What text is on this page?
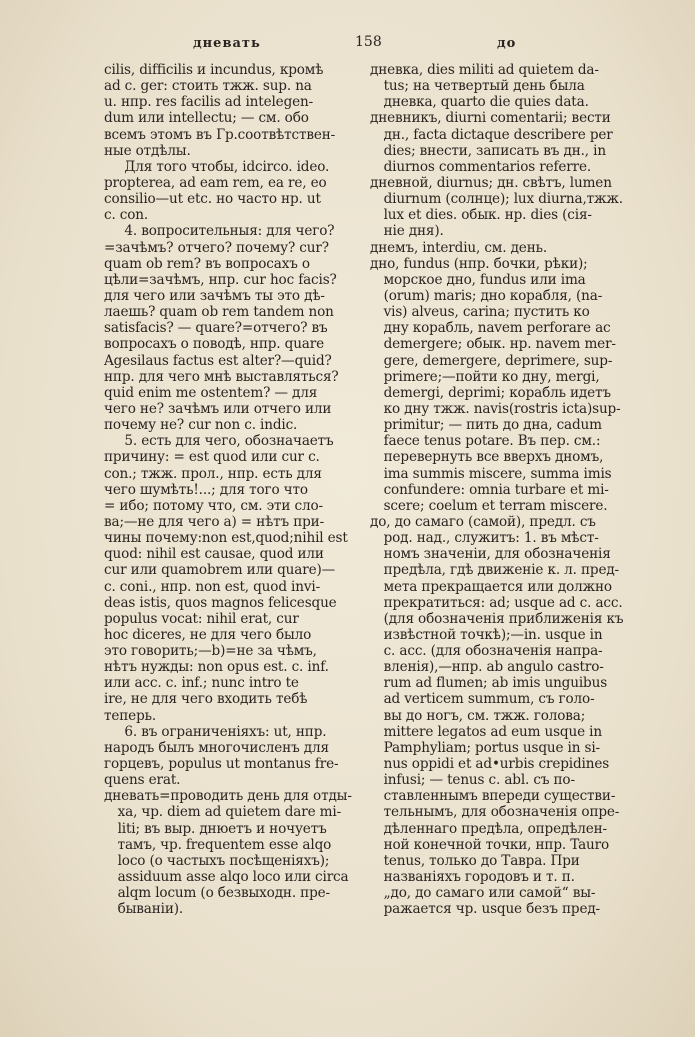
днeвать	158	до
cilis, difficilis и incundus, кромѣ
ad c. ger: стоить тжж. sup. na
u. нпр. res facilis ad intelegen-
dum или intellectu; — см. oбo
всемъ этомъ въ Гр.соотвѣтствен-
ные отдѣлы.
Для того чтобы, idcirco. ideo.
propterea, ad eam rem, ea re, eo
consilio—ut etc. но часто нр. ut
c. con.
4. вопросительныя: для чего?
=зачѣмъ? отчего? почему? cur?
quam ob rem? въ вопросахъ о
цѣли=зачѣмъ, нпр. cur hoc facis?
для чего или зачѣмъ ты это дѣ-
лаешь? quam ob rem tandem non
satisfacis? — quare?=отчего? въ
вопросахъ о поводѣ, нпр. quare
Agesilaus factus est alter?—quid?
нпр. для чего мнѣ выставляться?
quid enim me ostentem? — для
чего не? зачѣмъ или отчего или
почему не? cur non c. indic.
5. есть для чего, обозначаетъ
причину: = est quod или cur c.
con.; тжж. прол., нпр. есть для
чего шумѣть!...; для того что
= ибо; потому что, см. эти сло-
ва;—не для чего а) = нѣтъ при-
чины почему:non est,quod;nihil est
quod: nihil est causae, quod или
cur или quamobrem или quare)—
c. coni., нпр. non est, quod invi-
deas istis, quos magnos felicesque
populus vocat: nihil erat, cur
hoc diceres, не для чего было
это говорить;—b)=не за чѣмъ,
нѣтъ нужды: non opus est. c. inf.
или acc. c. inf.; nunc intro te
ire, не для чего входить тебѣ
теперь.
6. въ ограниченіяхъ: ut, нпр.
народъ былъ многочисленъ для
горцевъ, populus ut montanus fre-
quens erat.
днeвать=проводить день для отды-
ха, чр. diem ad quietem dare mi-
liti; въ выр. днюетъ и ночуетъ
тамъ, чр. frequentem esse alqo
loco (о частыхъ посѣщеніяхъ);
assiduum asse alqo loco или circa
alqm locum (o безвыходн. пре-
бываніи).
днeвка, dies militi ad quietem da-
tus; на четвертый день была
днeвка, quarto die quies data.
днeвникъ, diurni comentarii; вести
дн., facta dictaque describere per
dies; внести, записать въ дн., in
diurnos commentarios referre.
днeвной, diurnus; дн. свѣтъ, lumen
diurnum (солнце); lux diurna,тжж.
lux et dies. обык. нр. dies (сія-
ніе дня).
днeмъ, interdiu, см. день.
дно, fundus (нпр. бочки, рѣки);
морское дно, fundus или ima
(orum) maris; дно корабля, (na-
vis) alveus, carina; пустить ко
дну корабль, navem perforare ac
demergere; обык. нр. navem mer-
gere, demergere, deprimere, sup-
primere;—пойти ко дну, mergi,
demergi, deprimi; корабль идетъ
ко дну тжж. navis(rostris icta)sup-
primitur; — пить до дна, cadum
faece tenus potare. Въ пер. см.:
перевернуть все вверхъ дномъ,
ima summis miscere, summa imis
confundere: omnia turbare et mi-
scere; coelum et terram miscere.
до, до самаго (самой), предл. съ
род. над., служитъ: 1. въ мѣст-
номъ значеніи, для обозначенія
предѣла, гдѣ движеніе к. л. пред-
мета прекращается или должно
прекратиться: ad; usque ad c. acc.
(для обозначенія приближенія къ
извѣстной точкѣ);—in. usque in
c. acc. (для обозначенія напра-
вленія),—нпр. ab angulo castro-
rum ad flumen; ab imis unguibus
ad verticem summum, съ голо-
вы до ногъ, см. тжж. голова;
mittere legatos ad eum usque in
Pamphyliam; portus usque in si-
nus oppidi et ad•urbis crepidines
infusi; — tenus c. abl. съ по-
ставленнымъ впереди существи-
тельнымъ, для обозначенія опре-
дѣленнаго предѣла, опредѣлен-
ной конечной точки, нпр. Tauro
tenus, только до Тавра. При
названіяхъ городовъ и т. п.
„до, до самаго или самой“ вы-
ражается чр. usque безъ пред-
